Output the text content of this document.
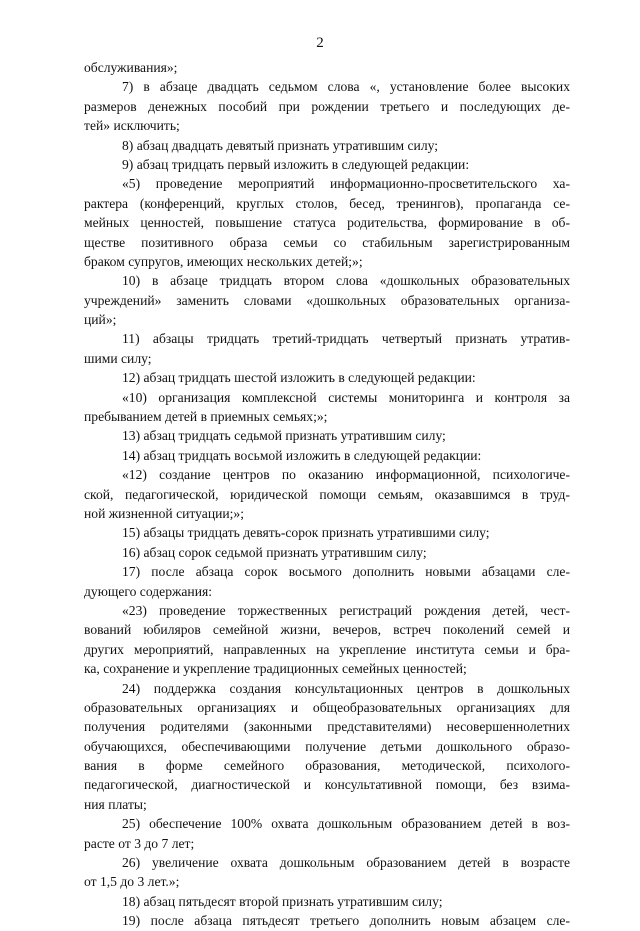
2

обслуживания»;
7) в абзаце двадцать седьмом слова «, установление более высоких
размеров денежных пособий при рождении третьего и последующих де-
тей» исключить;
8) абзац двадцать девятый признать утратившим силу;
9) абзац тридцать первый изложить в следующей редакции:
«5) проведение мероприятий информационно-просветительского ха-
рактера (конференций, круглых столов, бесед, тренингов), пропаганда се-
мейных ценностей, повышение статуса родительства, формирование в об-
ществе позитивного образа семьи со стабильным зарегистрированным
браком супругов, имеющих нескольких детей;»;
10) в абзаце тридцать втором слова «дошкольных образовательных
учреждений» заменить словами «дошкольных образовательных организа-
ций»;
11) абзацы тридцать третий-тридцать четвертый признать утратив-
шими силу;
12) абзац тридцать шестой изложить в следующей редакции:
«10) организация комплексной системы мониторинга и контроля за
пребыванием детей в приемных семьях;»;
13) абзац тридцать седьмой признать утратившим силу;
14) абзац тридцать восьмой изложить в следующей редакции:
«12) создание центров по оказанию информационной, психологиче-
ской, педагогической, юридической помощи семьям, оказавшимся в труд-
ной жизненной ситуации;»;
15) абзацы тридцать девять-сорок признать утратившими силу;
16) абзац сорок седьмой признать утратившим силу;
17) после абзаца сорок восьмого дополнить новыми абзацами сле-
дующего содержания:
«23) проведение торжественных регистраций рождения детей, чест-
вований юбиляров семейной жизни, вечеров, встреч поколений семей и
других мероприятий, направленных на укрепление института семьи и бра-
ка, сохранение и укрепление традиционных семейных ценностей;
24) поддержка создания консультационных центров в дошкольных
образовательных организациях и общеобразовательных организациях для
получения родителями (законными представителями) несовершеннолетних
обучающихся, обеспечивающими получение детьми дошкольного образо-
вания в форме семейного образования, методической, психолого-
педагогической, диагностической и консультативной помощи, без взима-
ния платы;
25) обеспечение 100% охвата дошкольным образованием детей в воз-
расте от 3 до 7 лет;
26) увеличение охвата дошкольным образованием детей в возрасте
от 1,5 до 3 лет.»;
18) абзац пятьдесят второй признать утратившим силу;
19) после абзаца пятьдесят третьего дополнить новым абзацем сле-
